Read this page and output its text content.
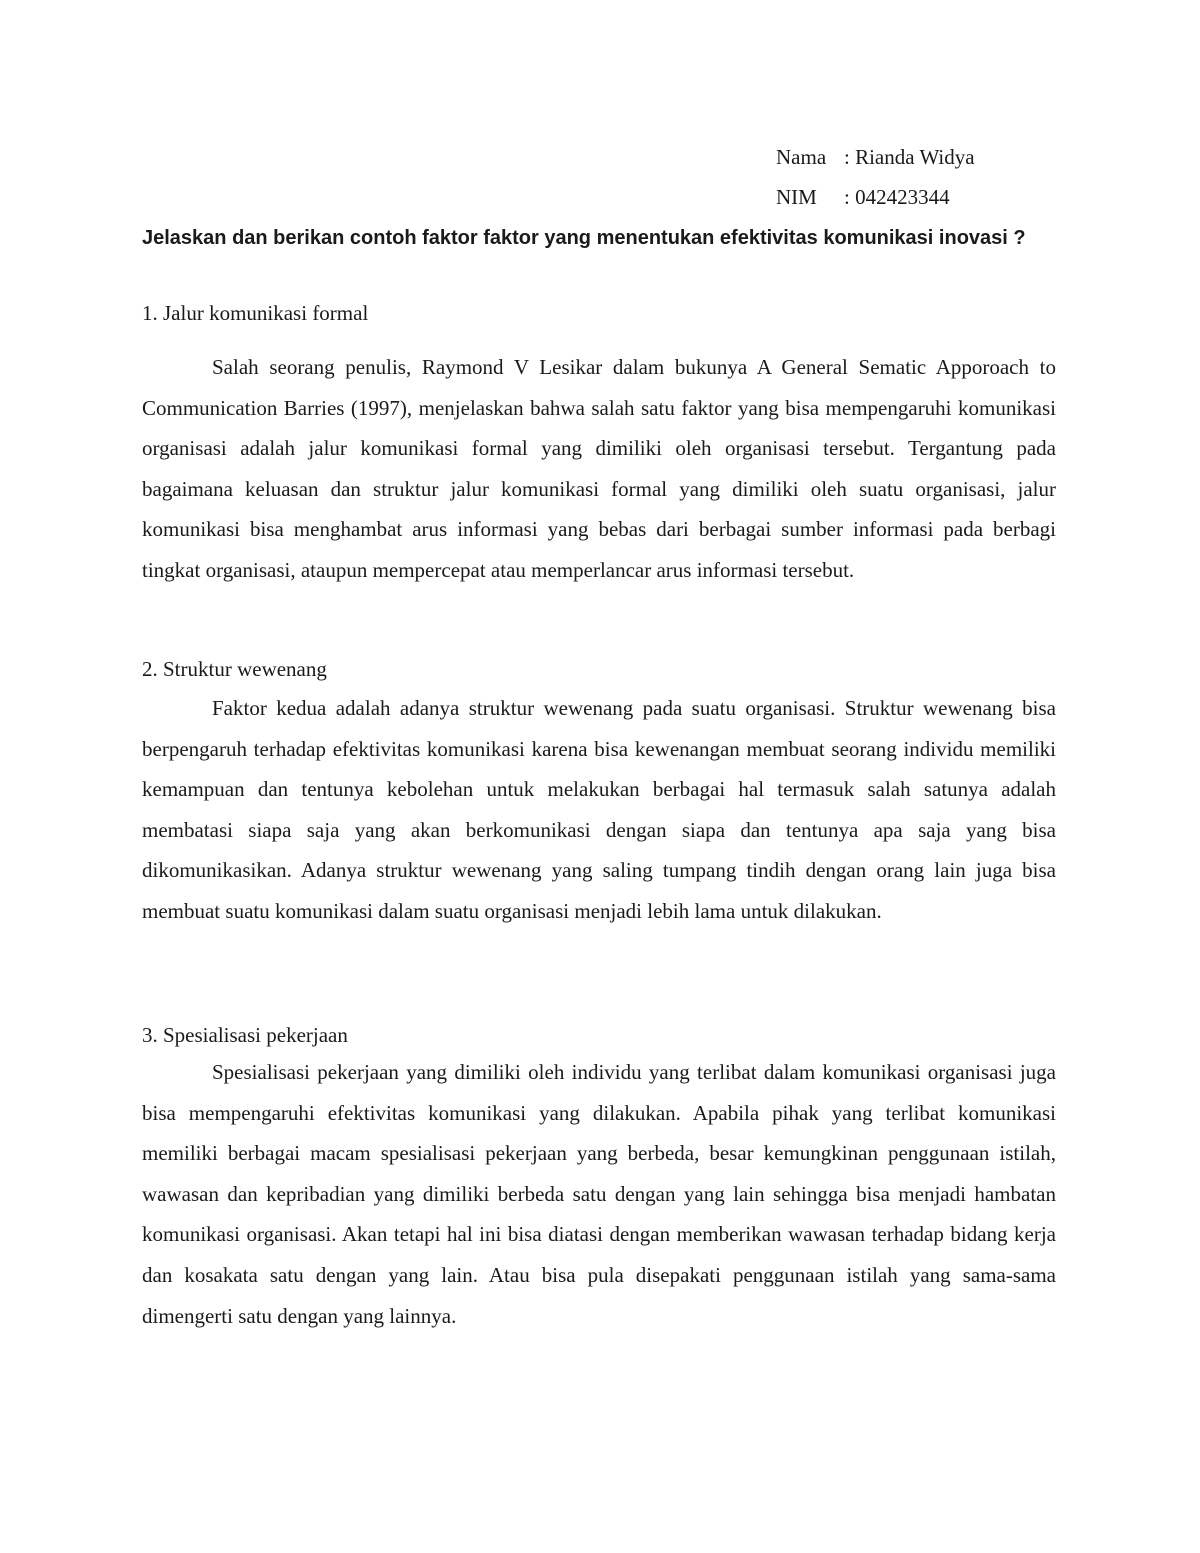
Nama : Rianda Widya
NIM	: 042423344
Jelaskan dan berikan contoh faktor faktor yang menentukan efektivitas komunikasi inovasi ?
1. Jalur komunikasi formal

Salah seorang penulis, Raymond V Lesikar dalam bukunya A General Sematic Apporoach to Communication Barries (1997), menjelaskan bahwa salah satu faktor yang bisa mempengaruhi komunikasi organisasi adalah jalur komunikasi formal yang dimiliki oleh organisasi tersebut. Tergantung pada bagaimana keluasan dan struktur jalur komunikasi formal yang dimiliki oleh suatu organisasi, jalur komunikasi bisa menghambat arus informasi yang bebas dari berbagai sumber informasi pada berbagi tingkat organisasi, ataupun mempercepat atau memperlancar arus informasi tersebut.

2. Struktur wewenang

Faktor kedua adalah adanya struktur wewenang pada suatu organisasi. Struktur wewenang bisa berpengaruh terhadap efektivitas komunikasi karena bisa kewenangan membuat seorang individu memiliki kemampuan dan tentunya kebolehan untuk melakukan berbagai hal termasuk salah satunya adalah membatasi siapa saja yang akan berkomunikasi dengan siapa dan tentunya apa saja yang bisa dikomunikasikan. Adanya struktur wewenang yang saling tumpang tindih dengan orang lain juga bisa membuat suatu komunikasi dalam suatu organisasi menjadi lebih lama untuk dilakukan.

3. Spesialisasi pekerjaan

Spesialisasi pekerjaan yang dimiliki oleh individu yang terlibat dalam komunikasi organisasi juga bisa mempengaruhi efektivitas komunikasi yang dilakukan. Apabila pihak yang terlibat komunikasi memiliki berbagai macam spesialisasi pekerjaan yang berbeda, besar kemungkinan penggunaan istilah, wawasan dan kepribadian yang dimiliki berbeda satu dengan yang lain sehingga bisa menjadi hambatan komunikasi organisasi. Akan tetapi hal ini bisa diatasi dengan memberikan wawasan terhadap bidang kerja dan kosakata satu dengan yang lain. Atau bisa pula disepakati penggunaan istilah yang sama-sama dimengerti satu dengan yang lainnya.
